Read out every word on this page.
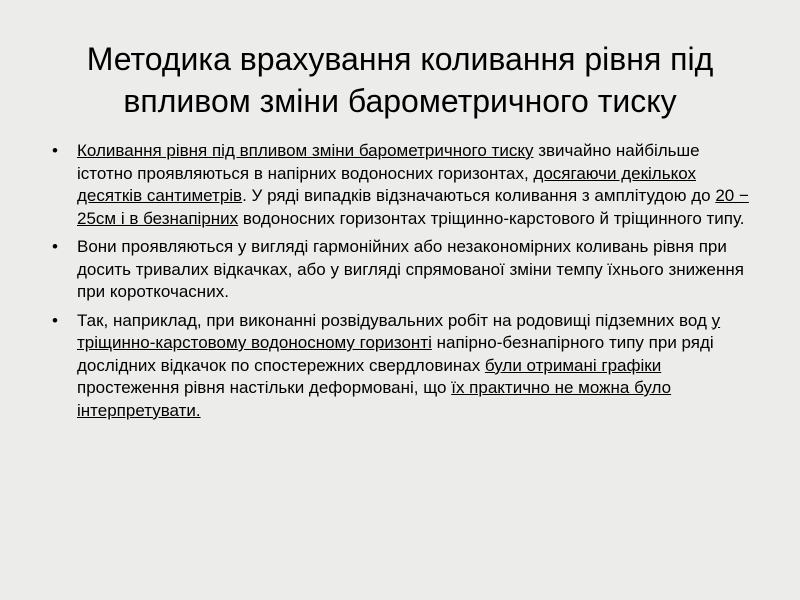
Методика врахування коливання рівня під впливом зміни барометричного тиску
• Коливання рівня під впливом зміни барометричного тиску звичайно найбільше істотно проявляються в напірних водоносних горизонтах, досягаючи декількох десятків сантиметрів. У ряді випадків відзначаються коливання з амплітудою до 20 − 25см і в безнапірних водоносних горизонтах тріщинно-карстового й тріщинного типу.
• Вони проявляються у вигляді гармонійних або незакономірних коливань рівня при досить тривалих відкачках, або у вигляді спрямованої зміни темпу їхнього зниження при короткочасних.
• Так, наприклад, при виконанні розвідувальних робіт на родовищі підземних вод у тріщинно-карстовому водоносному горизонті напірно-безнапірного типу при ряді дослідних відкачок по спостережних свердловинах були отримані графіки простеження рівня настільки деформовані, що їх практично не можна було інтерпретувати.
